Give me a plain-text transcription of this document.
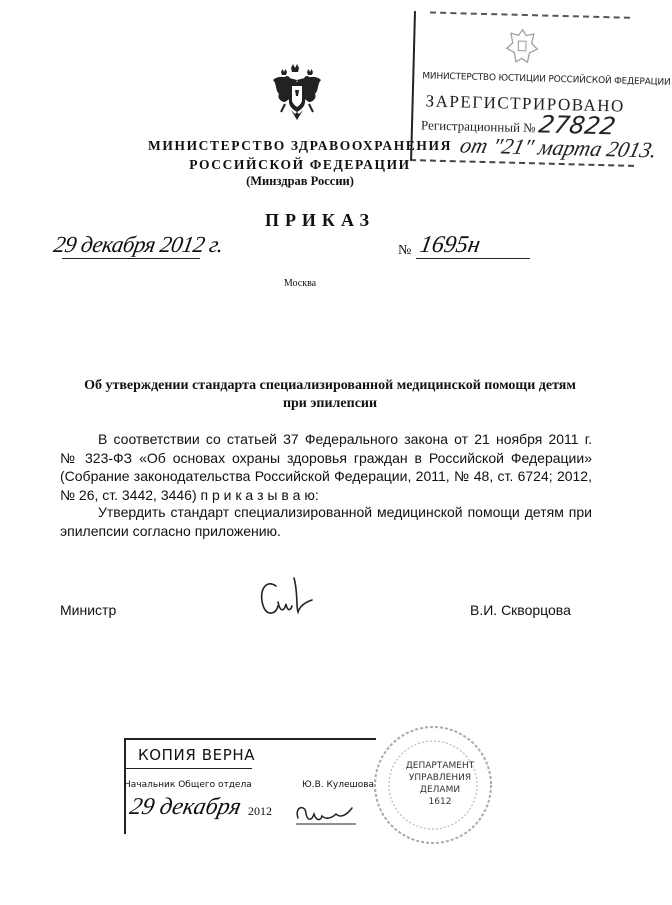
МИНИСТЕРСТВО ЮСТИЦИИ РОССИЙСКОЙ ФЕДЕРАЦИИ
ЗАРЕГИСТРИРОВАНО
Регистрационный № 27822
от "21" марта 2013.
МИНИСТЕРСТВО ЗДРАВООХРАНЕНИЯ
РОССИЙСКОЙ ФЕДЕРАЦИИ
(Минздрав России)
ПРИКАЗ
29 декабря 2012 г.	№ 1695н
Москва
Об утверждении стандарта специализированной медицинской помощи детям
при эпилепсии
В соответствии со статьей 37 Федерального закона от 21 ноября 2011 г.
№ 323-ФЗ «Об основах охраны здоровья граждан в Российской Федерации»
(Собрание законодательства Российской Федерации, 2011, № 48, ст. 6724; 2012,
№ 26, ст. 3442, 3446) п р и к а з ы в а ю:
Утвердить стандарт специализированной медицинской помощи детям при
эпилепсии согласно приложению.
Министр	В.И. Скворцова
КОПИЯ ВЕРНА
Начальник Общего отдела	Ю.В. Кулешова
29 декабря 2012
ДЕПАРТАМЕНТ
УПРАВЛЕНИЯ
ДЕЛАМИ
1612
